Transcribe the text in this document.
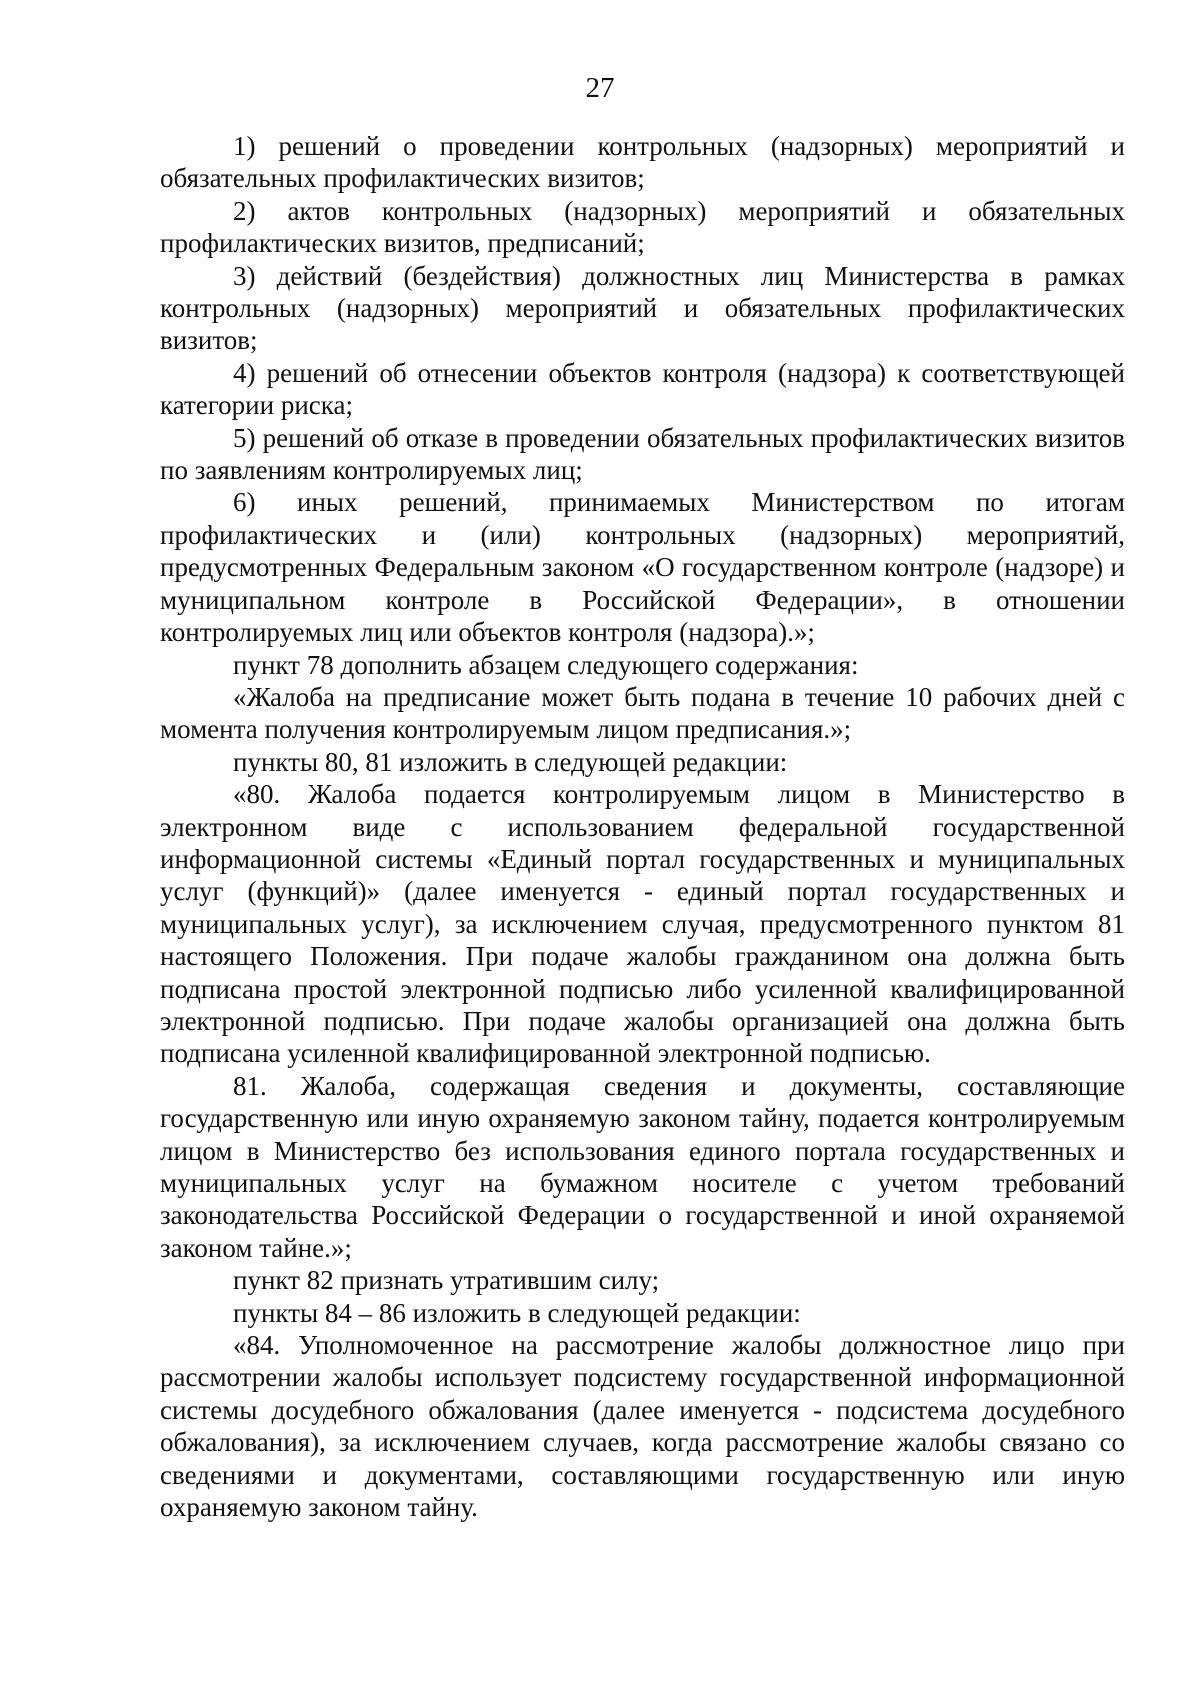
27

1) решений о проведении контрольных (надзорных) мероприятий и обязательных профилактических визитов;

2) актов контрольных (надзорных) мероприятий и обязательных профилактических визитов, предписаний;

3) действий (бездействия) должностных лиц Министерства в рамках контрольных (надзорных) мероприятий и обязательных профилактических визитов;

4) решений об отнесении объектов контроля (надзора) к соответствующей категории риска;

5) решений об отказе в проведении обязательных профилактических визитов по заявлениям контролируемых лиц;

6) иных решений, принимаемых Министерством по итогам профилактических и (или) контрольных (надзорных) мероприятий, предусмотренных Федеральным законом «О государственном контроле (надзоре) и муниципальном контроле в Российской Федерации», в отношении контролируемых лиц или объектов контроля (надзора).»;

пункт 78 дополнить абзацем следующего содержания:

«Жалоба на предписание может быть подана в течение 10 рабочих дней с момента получения контролируемым лицом предписания.»;

пункты 80, 81 изложить в следующей редакции:

«80. Жалоба подается контролируемым лицом в Министерство в электронном виде с использованием федеральной государственной информационной системы «Единый портал государственных и муниципальных услуг (функций)» (далее именуется - единый портал государственных и муниципальных услуг), за исключением случая, предусмотренного пунктом 81 настоящего Положения. При подаче жалобы гражданином она должна быть подписана простой электронной подписью либо усиленной квалифицированной электронной подписью. При подаче жалобы организацией она должна быть подписана усиленной квалифицированной электронной подписью.

81. Жалоба, содержащая сведения и документы, составляющие государственную или иную охраняемую законом тайну, подается контролируемым лицом в Министерство без использования единого портала государственных и муниципальных услуг на бумажном носителе с учетом требований законодательства Российской Федерации о государственной и иной охраняемой законом тайне.»;

пункт 82 признать утратившим силу;

пункты 84 – 86 изложить в следующей редакции:

«84. Уполномоченное на рассмотрение жалобы должностное лицо при рассмотрении жалобы использует подсистему государственной информационной системы досудебного обжалования (далее именуется - подсистема досудебного обжалования), за исключением случаев, когда рассмотрение жалобы связано со сведениями и документами, составляющими государственную или иную охраняемую законом тайну.
